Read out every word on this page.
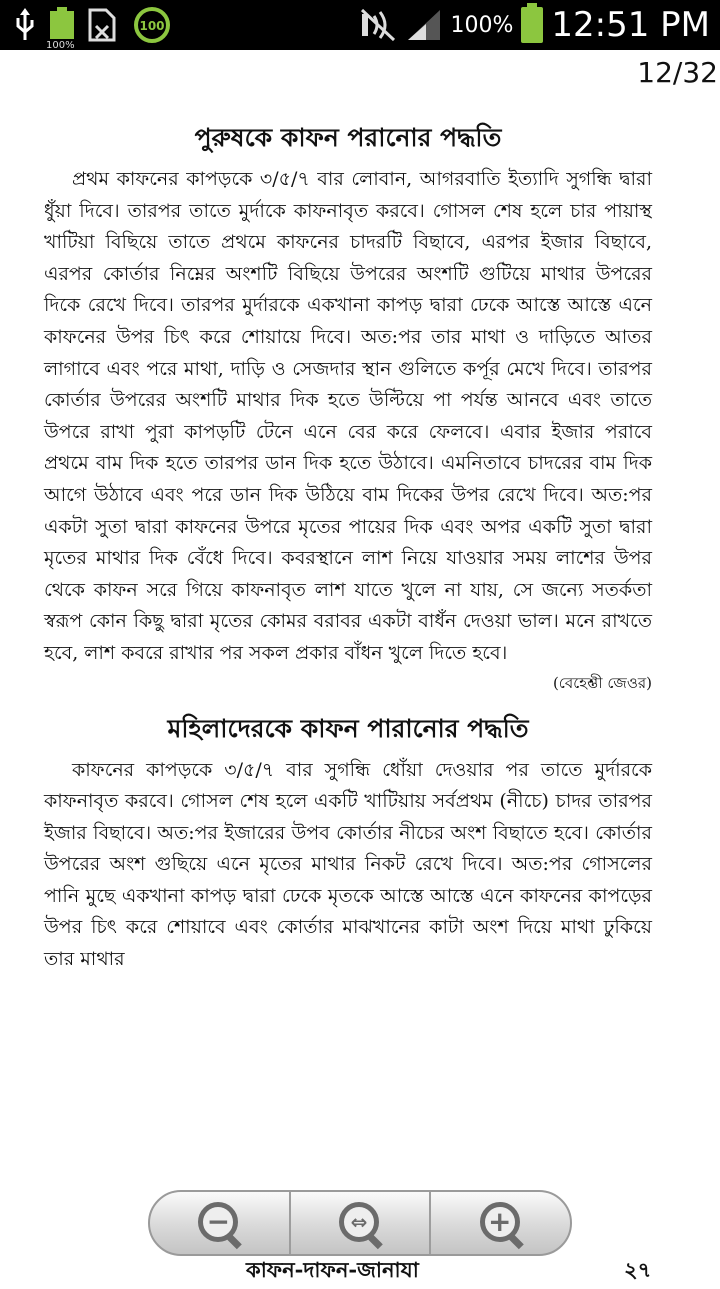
100%
100	100% 12:51 PM
12/32
পুরুষকে কাফন পরানোর পদ্ধতি

প্রথম কাফনের কাপড়কে ৩/৫/৭ বার লোবান, আগরবাতি ইত্যাদি সুগন্ধি দ্বারা ধুঁয়া দিবে। তারপর তাতে মুর্দাকে কাফনাবৃত করবে। গোসল শেষ হলে চার পায়াস্থ খাটিয়া বিছিয়ে তাতে প্রথমে কাফনের চাদরটি বিছাবে, এরপর ইজার বিছাবে, এরপর কোর্তার নিম্নের অংশটি বিছিয়ে উপরের অংশটি গুটিয়ে মাথার উপরের দিকে রেখে দিবে। তারপর মুর্দারকে একখানা কাপড় দ্বারা ঢেকে আস্তে আস্তে এনে কাফনের উপর চিৎ করে শোয়ায়ে দিবে। অত:পর তার মাথা ও দাড়িতে আতর লাগাবে এবং পরে মাথা, দাড়ি ও সেজদার স্থান গুলিতে কর্পূর মেখে দিবে। তারপর কোর্তার উপরের অংশটি মাথার দিক হতে উল্টিয়ে পা পর্যন্ত আনবে এবং তাতে উপরে রাখা পুরা কাপড়টি টেনে এনে বের করে ফেলবে। এবার ইজার পরাবে প্রথমে বাম দিক হতে তারপর ডান দিক হতে উঠাবে। এমনিতাবে চাদরের বাম দিক আগে উঠাবে এবং পরে ডান দিক উঠিয়ে বাম দিকের উপর রেখে দিবে। অত:পর একটা সুতা দ্বারা কাফনের উপরে মৃতের পায়ের দিক এবং অপর একটি সুতা দ্বারা মৃতের মাথার দিক বেঁধে দিবে। কবরস্থানে লাশ নিয়ে যাওয়ার সময় লাশের উপর থেকে কাফন সরে গিয়ে কাফনাবৃত লাশ যাতে খুলে না যায়, সে জন্যে সতর্কতা স্বরূপ কোন কিছু দ্বারা মৃতের কোমর বরাবর একটা বাধঁন দেওয়া ভাল। মনে রাখতে হবে, লাশ কবরে রাখার পর সকল প্রকার বাঁধন খুলে দিতে হবে।

(বেহেশ্তী জেওর)
মহিলাদেরকে কাফন পারানোর পদ্ধতি

কাফনের কাপড়কে ৩/৫/৭ বার সুগন্ধি ধোঁয়া দেওয়ার পর তাতে মুর্দারকে কাফনাবৃত করবে। গোসল শেষ হলে একটি খাটিয়ায় সর্বপ্রথম (নীচে) চাদর তারপর ইজার বিছাবে। অত:পর ইজারের উপব কোর্তার নীচের অংশ বিছাতে হবে। কোর্তার উপরের অংশ গুছিয়ে এনে মৃতের মাথার নিকট রেখে দিবে। অত:পর গোসলের পানি মুছে একখানা কাপড় দ্বারা ঢেকে মৃতকে আস্তে আস্তে এনে কাফনের কাপড়ের উপর চিৎ করে শোয়াবে এবং কোর্তার মাঝখানের কাটা অংশ দিয়ে মাথা ঢুকিয়ে তার মাথার

−	⇔	+
কাফন-দাফন-জানাযা	২৭
